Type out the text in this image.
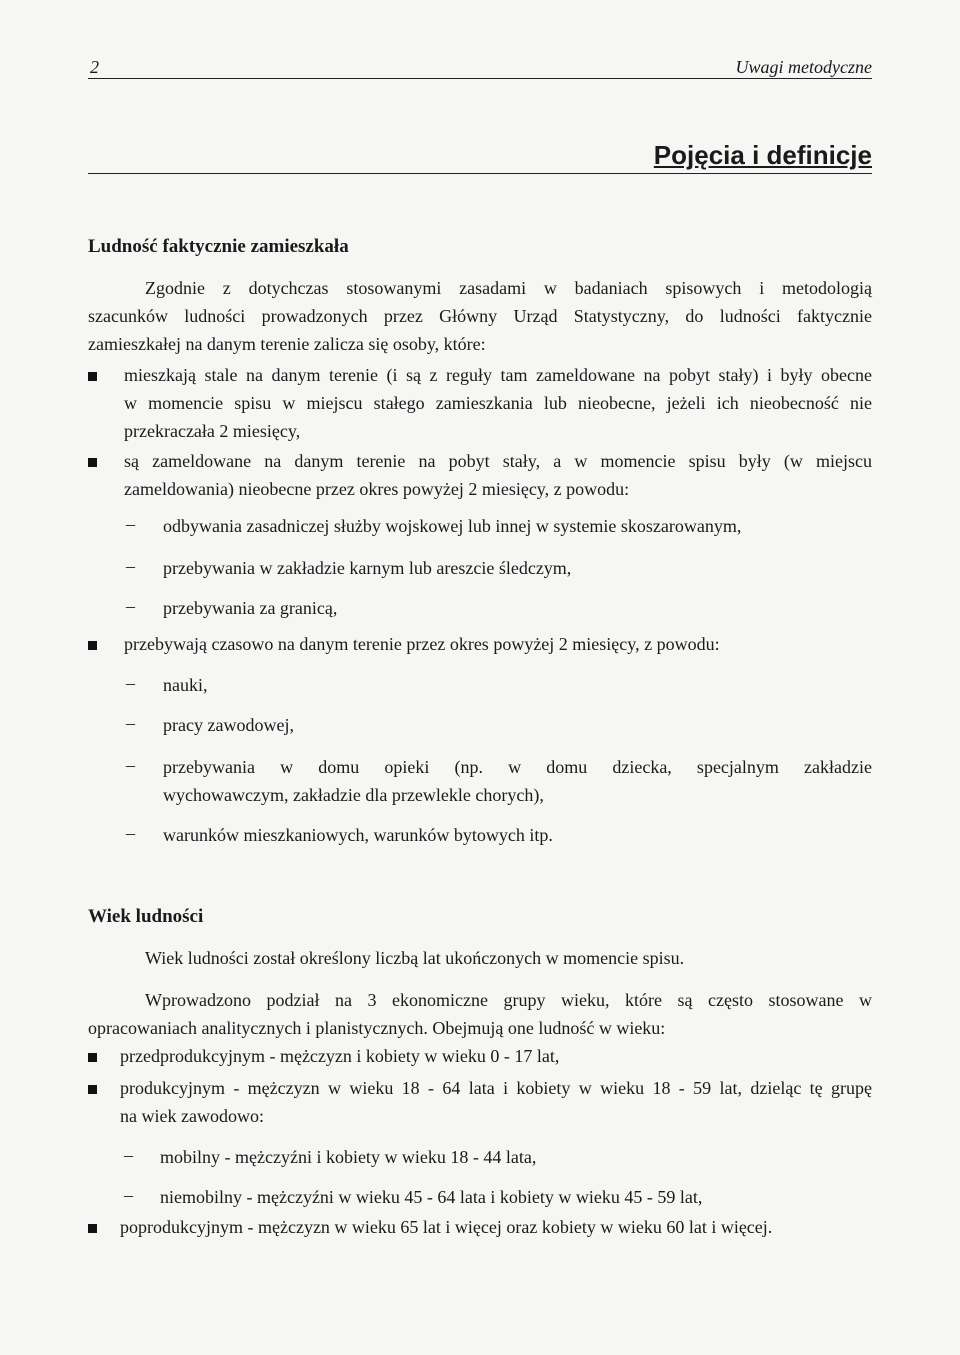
2	Uwagi metodyczne
Pojęcia i definicje
Ludność faktycznie zamieszkała
Zgodnie z dotychczas stosowanymi zasadami w badaniach spisowych i metodologią
szacunków ludności prowadzonych przez Główny Urząd Statystyczny, do ludności faktycznie
zamieszkałej na danym terenie zalicza się osoby, które:
mieszkają stale na danym terenie (i są z reguły tam zameldowane na pobyt stały) i były obecne
w momencie spisu w miejscu stałego zamieszkania lub nieobecne, jeżeli ich nieobecność nie
przekraczała 2 miesięcy,
są zameldowane na danym terenie na pobyt stały, a w momencie spisu były (w miejscu
zameldowania) nieobecne przez okres powyżej 2 miesięcy, z powodu:
– odbywania zasadniczej służby wojskowej lub innej w systemie skoszarowanym,
– przebywania w zakładzie karnym lub areszcie śledczym,
– przebywania za granicą,
przebywają czasowo na danym terenie przez okres powyżej 2 miesięcy, z powodu:
– nauki,
– pracy zawodowej,
– przebywania w domu opieki (np. w domu dziecka, specjalnym zakładzie
wychowawczym, zakładzie dla przewlekle chorych),
– warunków mieszkaniowych, warunków bytowych itp.
Wiek ludności
Wiek ludności został określony liczbą lat ukończonych w momencie spisu.
Wprowadzono podział na 3 ekonomiczne grupy wieku, które są często stosowane w
opracowaniach analitycznych i planistycznych. Obejmują one ludność w wieku:
przedprodukcyjnym - mężczyzn i kobiety w wieku 0 - 17 lat,
produkcyjnym - mężczyzn w wieku 18 - 64 lata i kobiety w wieku 18 - 59 lat, dzieląc tę grupę
na wiek zawodowo:
– mobilny - mężczyźni i kobiety w wieku 18 - 44 lata,
– niemobilny - mężczyźni w wieku 45 - 64 lata i kobiety w wieku 45 - 59 lat,
poprodukcyjnym - mężczyzn w wieku 65 lat i więcej oraz kobiety w wieku 60 lat i więcej.
